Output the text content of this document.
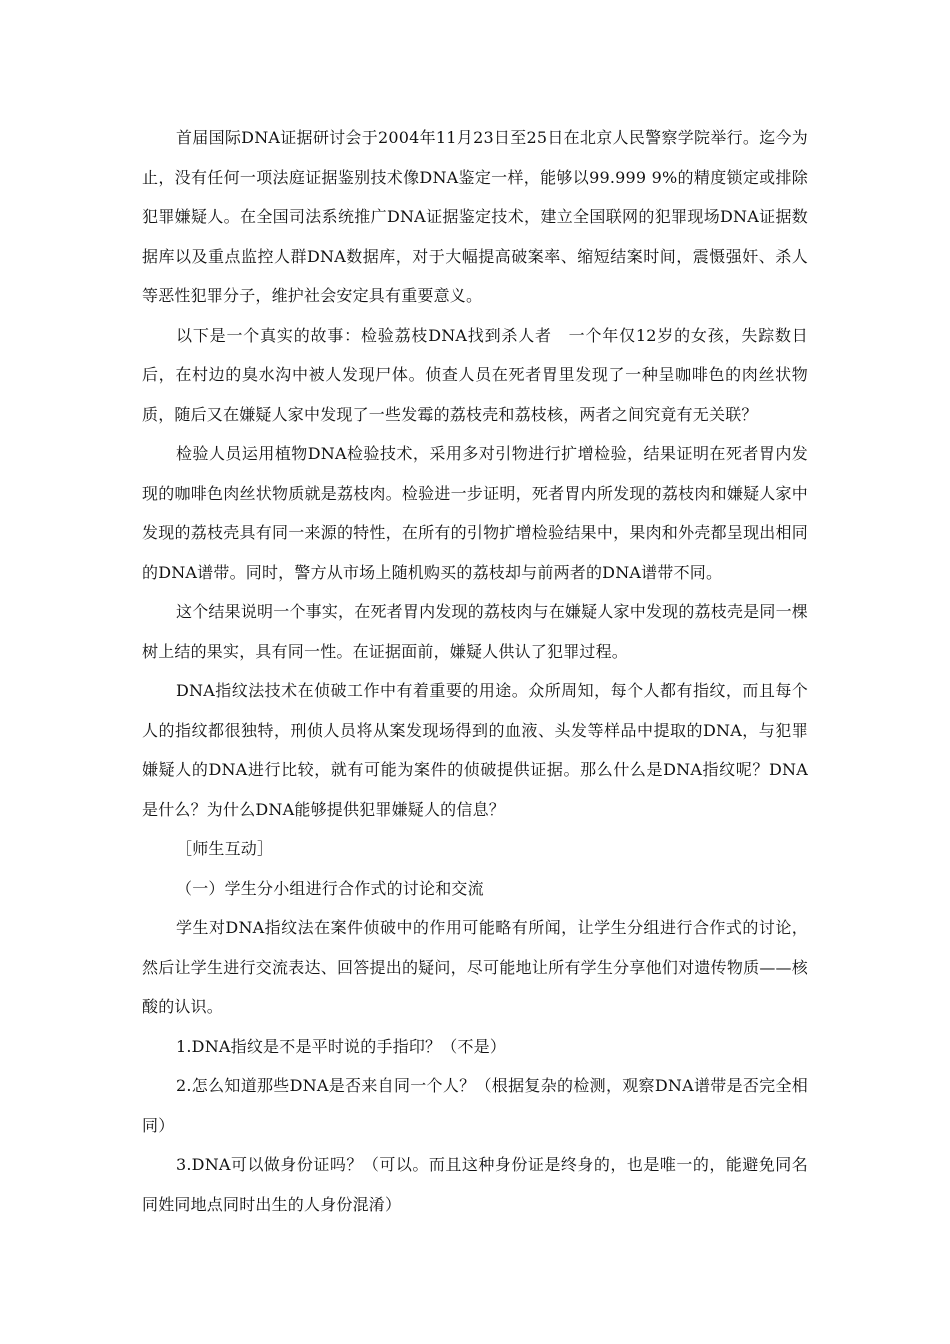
首届国际DNA证据研讨会于2004年11月23日至25日在北京人民警察学院举行。迄今为止，没有任何一项法庭证据鉴别技术像DNA鉴定一样，能够以99.999 9%的精度锁定或排除犯罪嫌疑人。在全国司法系统推广DNA证据鉴定技术，建立全国联网的犯罪现场DNA证据数据库以及重点监控人群DNA数据库，对于大幅提高破案率、缩短结案时间，震慑强奸、杀人等恶性犯罪分子，维护社会安定具有重要意义。

以下是一个真实的故事：检验荔枝DNA找到杀人者　一个年仅12岁的女孩，失踪数日后，在村边的臭水沟中被人发现尸体。侦查人员在死者胃里发现了一种呈咖啡色的肉丝状物质，随后又在嫌疑人家中发现了一些发霉的荔枝壳和荔枝核，两者之间究竟有无关联？

检验人员运用植物DNA检验技术，采用多对引物进行扩增检验，结果证明在死者胃内发现的咖啡色肉丝状物质就是荔枝肉。检验进一步证明，死者胃内所发现的荔枝肉和嫌疑人家中发现的荔枝壳具有同一来源的特性，在所有的引物扩增检验结果中，果肉和外壳都呈现出相同的DNA谱带。同时，警方从市场上随机购买的荔枝却与前两者的DNA谱带不同。

这个结果说明一个事实，在死者胃内发现的荔枝肉与在嫌疑人家中发现的荔枝壳是同一棵树上结的果实，具有同一性。在证据面前，嫌疑人供认了犯罪过程。

DNA指纹法技术在侦破工作中有着重要的用途。众所周知，每个人都有指纹，而且每个人的指纹都很独特，刑侦人员将从案发现场得到的血液、头发等样品中提取的DNA，与犯罪嫌疑人的DNA进行比较，就有可能为案件的侦破提供证据。那么什么是DNA指纹呢？DNA是什么？为什么DNA能够提供犯罪嫌疑人的信息？

［师生互动］

（一）学生分小组进行合作式的讨论和交流

学生对DNA指纹法在案件侦破中的作用可能略有所闻，让学生分组进行合作式的讨论，然后让学生进行交流表达、回答提出的疑问，尽可能地让所有学生分享他们对遗传物质——核酸的认识。

1.DNA指纹是不是平时说的手指印？（不是）

2.怎么知道那些DNA是否来自同一个人？（根据复杂的检测，观察DNA谱带是否完全相同）

3.DNA可以做身份证吗？（可以。而且这种身份证是终身的，也是唯一的，能避免同名同姓同地点同时出生的人身份混淆）
